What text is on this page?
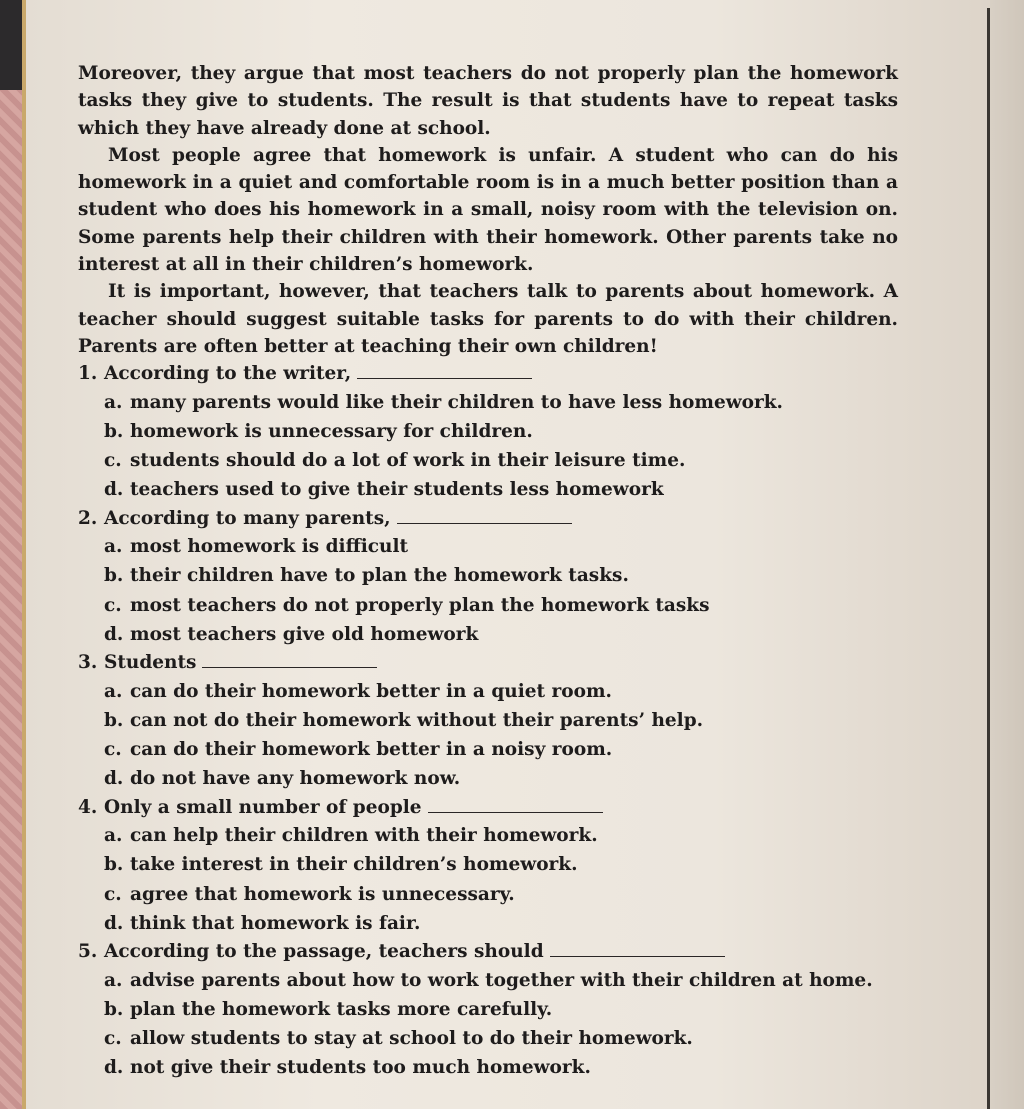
Moreover, they argue that most teachers do not properly plan the homework tasks they give to students. The result is that students have to repeat tasks which they have already done at school.

Most people agree that homework is unfair. A student who can do his homework in a quiet and comfortable room is in a much better position than a student who does his homework in a small, noisy room with the television on. Some parents help their children with their homework. Other parents take no interest at all in their children’s homework.

It is important, however, that teachers talk to parents about homework. A teacher should suggest suitable tasks for parents to do with their children. Parents are often better at teaching their own children!

1. According to the writer,
a. many parents would like their children to have less homework.
b. homework is unnecessary for children.
c. students should do a lot of work in their leisure time.
d. teachers used to give their students less homework
2. According to many parents,
a. most homework is difficult
b. their children have to plan the homework tasks.
c. most teachers do not properly plan the homework tasks
d. most teachers give old homework
3. Students
a. can do their homework better in a quiet room.
b. can not do their homework without their parents’ help.
c. can do their homework better in a noisy room.
d. do not have any homework now.
4. Only a small number of people
a. can help their children with their homework.
b. take interest in their children’s homework.
c. agree that homework is unnecessary.
d. think that homework is fair.
5. According to the passage, teachers should
a. advise parents about how to work together with their children at home.
b. plan the homework tasks more carefully.
c. allow students to stay at school to do their homework.
d. not give their students too much homework.
